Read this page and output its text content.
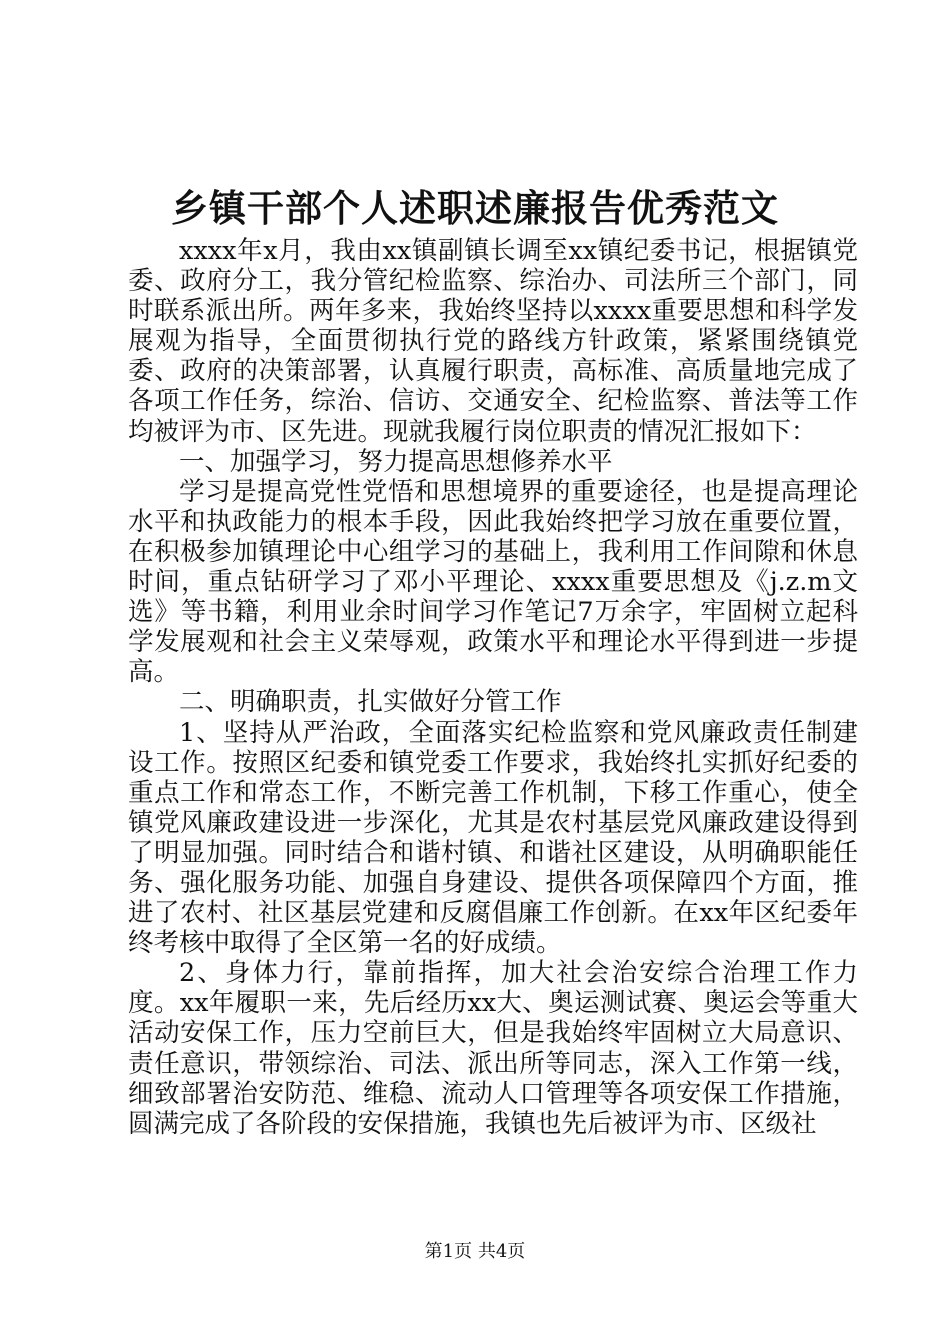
乡镇干部个人述职述廉报告优秀范文

xxxx年x月，我由xx镇副镇长调至xx镇纪委书记，根据镇党委、政府分工，我分管纪检监察、综治办、司法所三个部门，同时联系派出所。两年多来，我始终坚持以xxxx重要思想和科学发展观为指导，全面贯彻执行党的路线方针政策，紧紧围绕镇党委、政府的决策部署，认真履行职责，高标准、高质量地完成了各项工作任务，综治、信访、交通安全、纪检监察、普法等工作均被评为市、区先进。现就我履行岗位职责的情况汇报如下：

一、加强学习，努力提高思想修养水平

学习是提高党性党悟和思想境界的重要途径，也是提高理论水平和执政能力的根本手段，因此我始终把学习放在重要位置，在积极参加镇理论中心组学习的基础上，我利用工作间隙和休息时间，重点钻研学习了邓小平理论、xxxx重要思想及《j.z.m文选》等书籍，利用业余时间学习作笔记7万余字，牢固树立起科学发展观和社会主义荣辱观，政策水平和理论水平得到进一步提高。

二、明确职责，扎实做好分管工作

1、坚持从严治政，全面落实纪检监察和党风廉政责任制建设工作。按照区纪委和镇党委工作要求，我始终扎实抓好纪委的重点工作和常态工作，不断完善工作机制，下移工作重心，使全镇党风廉政建设进一步深化，尤其是农村基层党风廉政建设得到了明显加强。同时结合和谐村镇、和谐社区建设，从明确职能任务、强化服务功能、加强自身建设、提供各项保障四个方面，推进了农村、社区基层党建和反腐倡廉工作创新。在xx年区纪委年终考核中取得了全区第一名的好成绩。

2、身体力行，靠前指挥，加大社会治安综合治理工作力度。xx年履职一来，先后经历xx大、奥运测试赛、奥运会等重大活动安保工作，压力空前巨大，但是我始终牢固树立大局意识、责任意识，带领综治、司法、派出所等同志，深入工作第一线，细致部署治安防范、维稳、流动人口管理等各项安保工作措施，圆满完成了各阶段的安保措施，我镇也先后被评为市、区级社

第1页 共4页
